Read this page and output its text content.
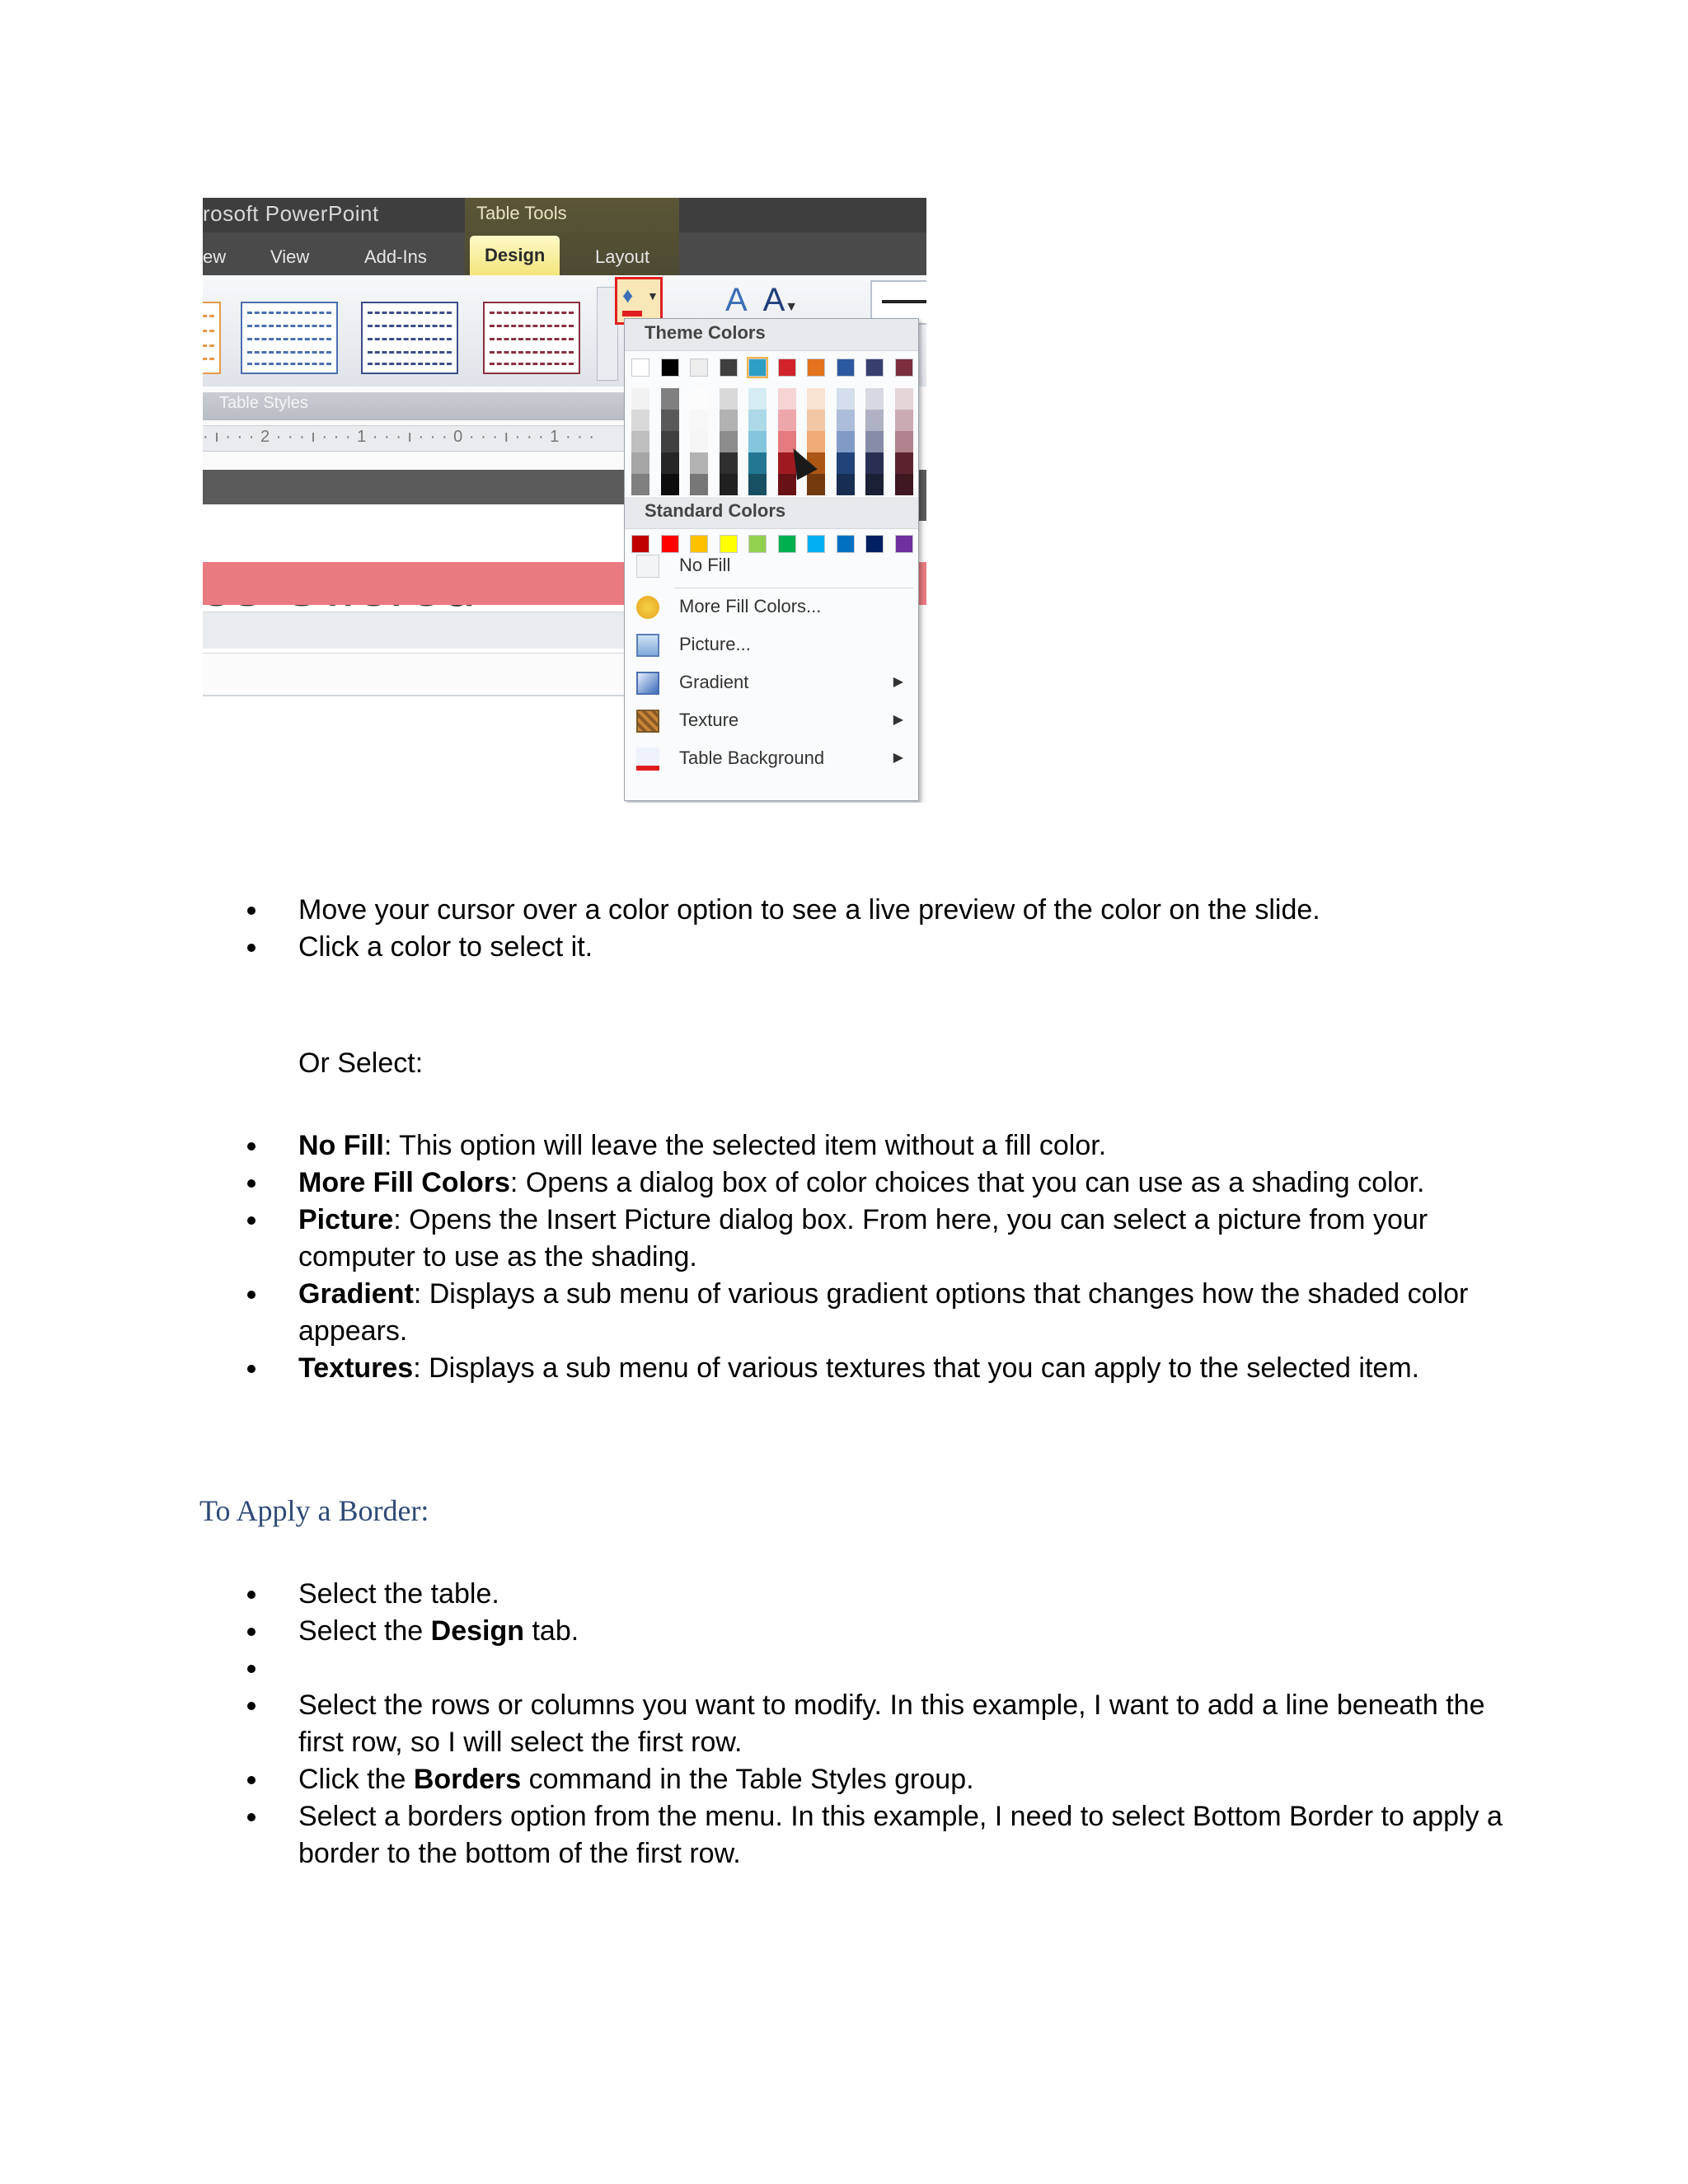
rosoft PowerPoint	Table Tools
ew View	Add-Ins	Design	Layout
♦ ▼ A    A▼
Table Styles
· ı · · · 2 · · · ı · · · 1 · · · ı · · · 0 · · · ı · · · 1 · · ·
Theme Colors
Standard Colors
No Fill
More Fill Colors...
Picture...
Gradient	▶
Texture	▶
Table Background	▶
Move your cursor over a color option to see a live preview of the color on the slide.
Click a color to select it.
Or Select:
No Fill: This option will leave the selected item without a fill color.
More Fill Colors: Opens a dialog box of color choices that you can use as a shading color.
Picture: Opens the Insert Picture dialog box. From here, you can select a picture from your computer to use as the shading.
Gradient: Displays a sub menu of various gradient options that changes how the shaded color appears.
Textures: Displays a sub menu of various textures that you can apply to the selected item.
To Apply a Border:
Select the table.
Select the Design tab.
Select the rows or columns you want to modify. In this example, I want to add a line beneath the first row, so I will select the first row.
Click the Borders command in the Table Styles group.
Select a borders option from the menu. In this example, I need to select Bottom Border to apply a border to the bottom of the first row.
